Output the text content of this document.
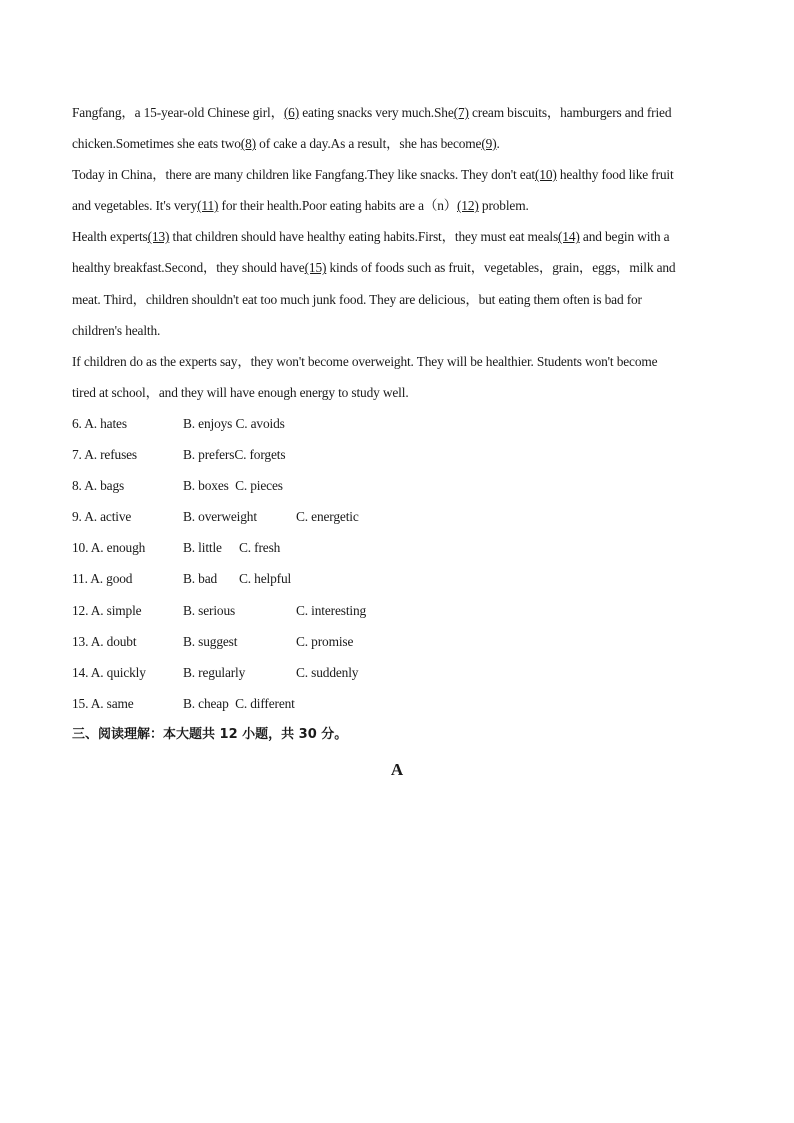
Fangfang，a 15-year-old Chinese girl，(6) eating snacks very much.She(7) cream biscuits，hamburgers and fried
chicken.Sometimes she eats two(8) of cake a day.As a result，she has become(9).
Today in China，there are many children like Fangfang.They like snacks. They don't eat(10) healthy food like fruit
and vegetables. It's very(11) for their health.Poor eating habits are a（n）(12) problem.
Health experts(13) that children should have healthy eating habits.First，they must eat meals(14) and begin with a
healthy breakfast.Second，they should have(15) kinds of foods such as fruit，vegetables，grain，eggs，milk and
meat. Third，children shouldn't eat too much junk food. They are delicious，but eating them often is bad for
children's health.
If children do as the experts say，they won't become overweight. They will be healthier. Students won't become
tired at school，and they will have enough energy to study well.
6. A. hates	B. enjoys C. avoids
7. A. refuses	B. prefersC. forgets
8. A. bags	B. boxes C. pieces
9. A. active	B. overweight	C. energetic
10. A. enough	B. little C. fresh
11. A. good	B. bad C. helpful
12. A. simple	B. serious	C. interesting
13. A. doubt	B. suggest	C. promise
14. A. quickly	B. regularly	C. suddenly
15. A. same	B. cheap C. different
三、阅读理解：本大题共 12 小题，共 30 分。
A
